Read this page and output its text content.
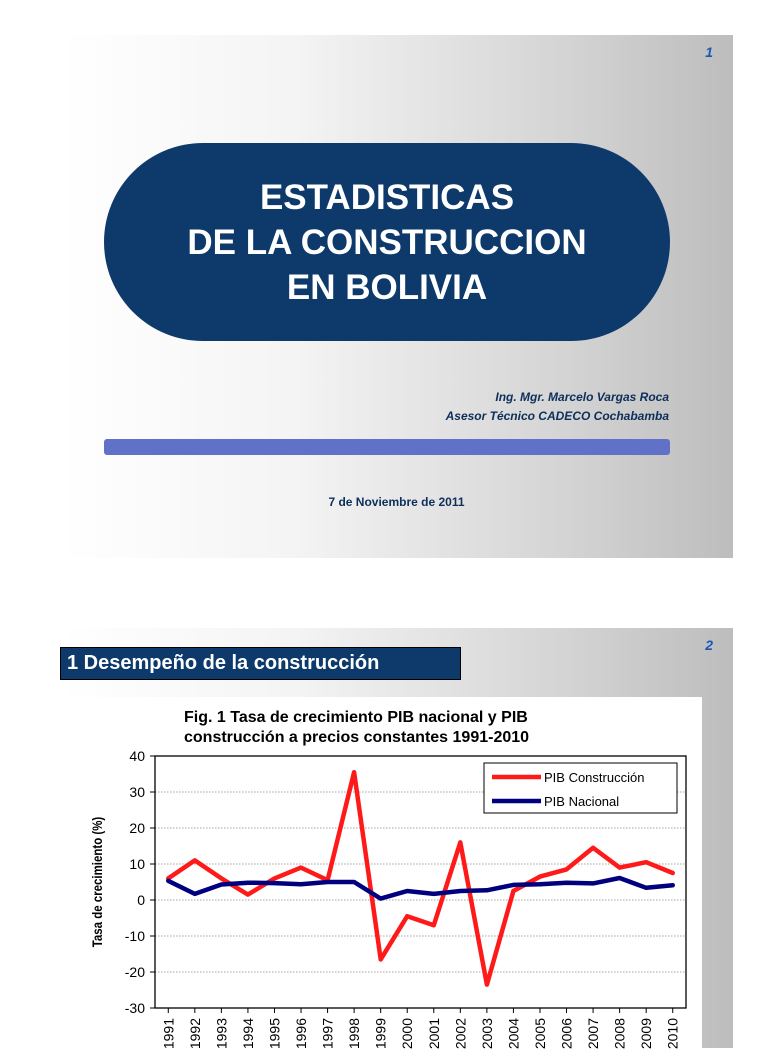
1
ESTADISTICAS
DE LA CONSTRUCCION
EN BOLIVIA
Ing. Mgr. Marcelo Vargas Roca
Asesor Técnico CADECO Cochabamba
7 de Noviembre de 2011
2
1 Desempeño de la construcción
40
30
20
10
0
-10
-20
-30
Tasa de crecimiento (%)
1991 1992 1993 1994 1995 1996 1997 1998 1999 2000 2001 2002 2003 2004 2005 2006 2007 2008 2009 2010
PIB Construcción
PIB Nacional
Fig. 1 Tasa de crecimiento PIB nacional y PIB
construcción a precios constantes 1991-2010
